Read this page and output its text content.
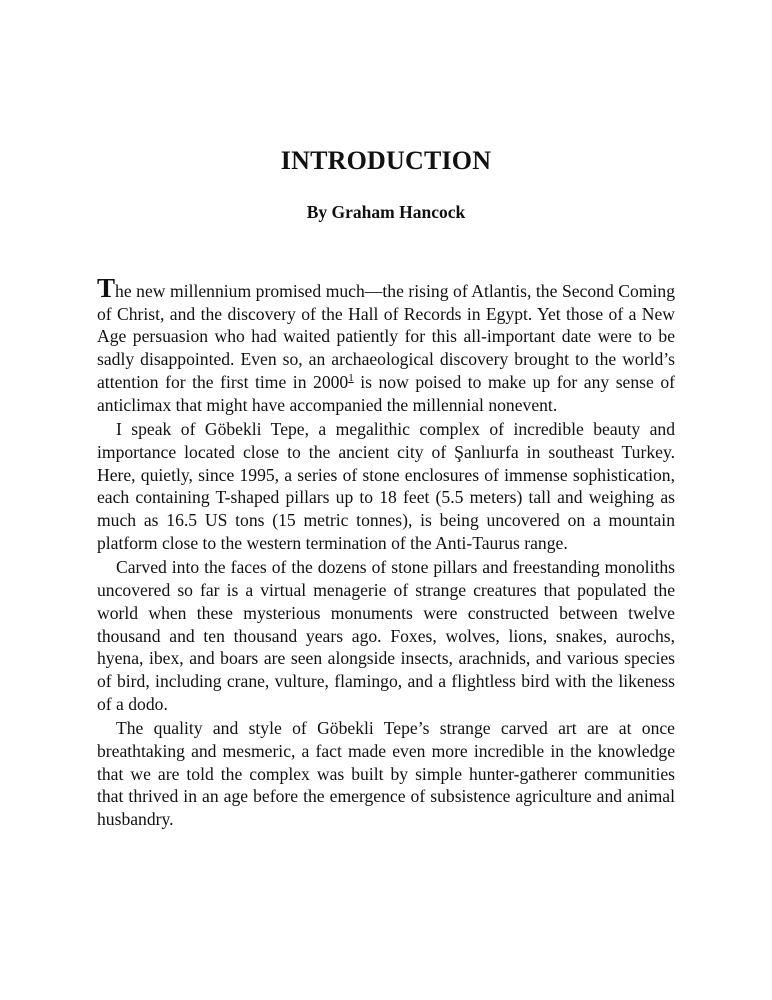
INTRODUCTION

By Graham Hancock

The new millennium promised much—the rising of Atlantis, the Second Coming of Christ, and the discovery of the Hall of Records in Egypt. Yet those of a New Age persuasion who had waited patiently for this all-important date were to be sadly disappointed. Even so, an archaeological discovery brought to the world’s attention for the first time in 2000$^1$ is now poised to make up for any sense of anticlimax that might have accompanied the millennial nonevent.

I speak of Göbekli Tepe, a megalithic complex of incredible beauty and importance located close to the ancient city of Şanlıurfa in southeast Turkey. Here, quietly, since 1995, a series of stone enclosures of immense sophistication, each containing T-shaped pillars up to 18 feet (5.5 meters) tall and weighing as much as 16.5 US tons (15 metric tonnes), is being uncovered on a mountain platform close to the western termination of the Anti-Taurus range.

Carved into the faces of the dozens of stone pillars and freestanding monoliths uncovered so far is a virtual menagerie of strange creatures that populated the world when these mysterious monuments were constructed between twelve thousand and ten thousand years ago. Foxes, wolves, lions, snakes, aurochs, hyena, ibex, and boars are seen alongside insects, arachnids, and various species of bird, including crane, vulture, flamingo, and a flightless bird with the likeness of a dodo.

The quality and style of Göbekli Tepe’s strange carved art are at once breathtaking and mesmeric, a fact made even more incredible in the knowledge that we are told the complex was built by simple hunter-gatherer communities that thrived in an age before the emergence of subsistence agriculture and animal husbandry.
